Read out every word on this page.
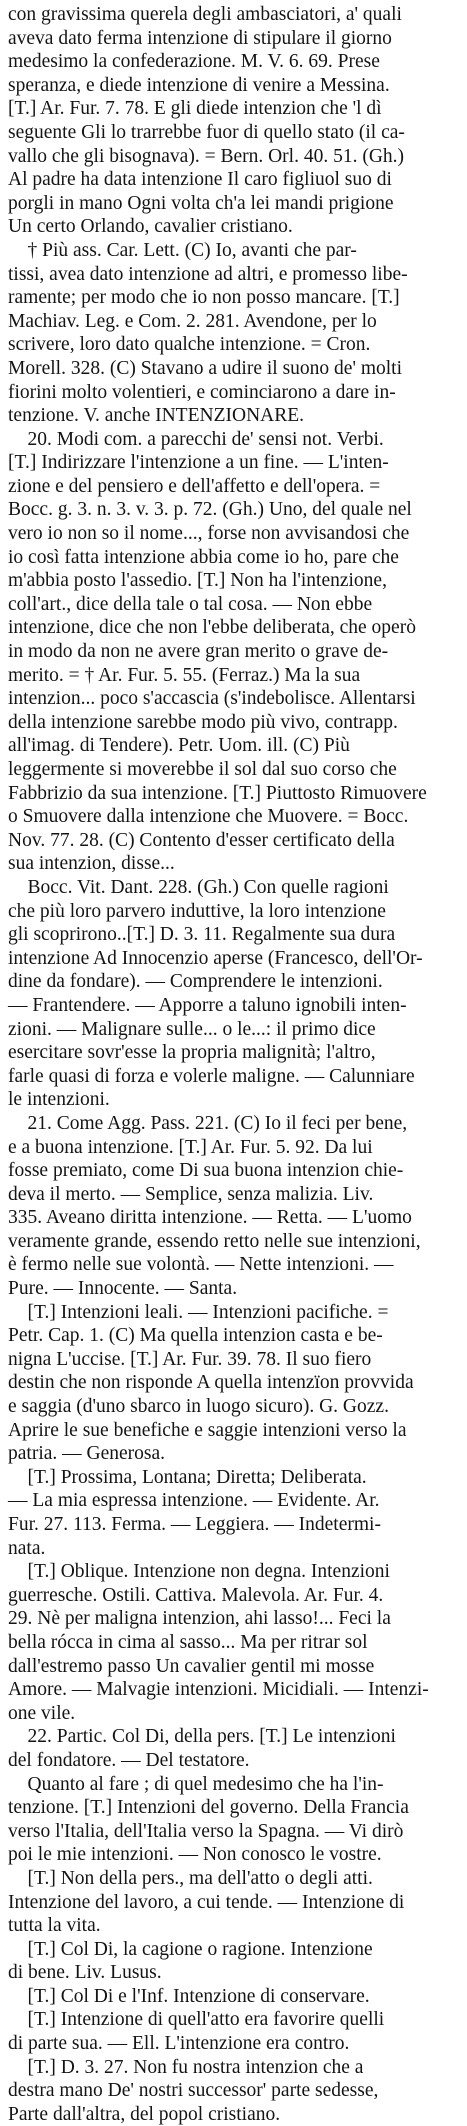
con gravissima querela degli ambasciatori, a' quali
aveva dato ferma intenzione di stipulare il giorno
medesimo la confederazione. M. V. 6. 69. Prese
speranza, e diede intenzione di venire a Messina.
[T.] Ar. Fur. 7. 78. E gli diede intenzion che 'l dì
seguente Gli lo trarrebbe fuor di quello stato (il ca-
vallo che gli bisognava). = Bern. Orl. 40. 51. (Gh.)
Al padre ha data intenzione Il caro figliuol suo di
porgli in mano Ogni volta ch'a lei mandi prigione
Un certo Orlando, cavalier cristiano.
† Più ass. Car. Lett. (C) Io, avanti che par-
tissi, avea dato intenzione ad altri, e promesso libe-
ramente; per modo che io non posso mancare. [T.]
Machiav. Leg. e Com. 2. 281. Avendone, per lo
scrivere, loro dato qualche intenzione. = Cron.
Morell. 328. (C) Stavano a udire il suono de' molti
fiorini molto volentieri, e cominciarono a dare in-
tenzione. V. anche INTENZIONARE.
20. Modi com. a parecchi de' sensi not. Verbi.
[T.] Indirizzare l'intenzione a un fine. — L'inten-
zione e del pensiero e dell'affetto e dell'opera. =
Bocc. g. 3. n. 3. v. 3. p. 72. (Gh.) Uno, del quale nel
vero io non so il nome..., forse non avvisandosi che
io così fatta intenzione abbia come io ho, pare che
m'abbia posto l'assedio. [T.] Non ha l'intenzione,
coll'art., dice della tale o tal cosa. — Non ebbe
intenzione, dice che non l'ebbe deliberata, che operò
in modo da non ne avere gran merito o grave de-
merito. = † Ar. Fur. 5. 55. (Ferraz.) Ma la sua
intenzion... poco s'accascia (s'indebolisce. Allentarsi
della intenzione sarebbe modo più vivo, contrapp.
all'imag. di Tendere). Petr. Uom. ill. (C) Più
leggermente si moverebbe il sol dal suo corso che
Fabbrizio da sua intenzione. [T.] Piuttosto Rimuovere
o Smuovere dalla intenzione che Muovere. = Bocc.
Nov. 77. 28. (C) Contento d'esser certificato della
sua intenzion, disse...
Bocc. Vit. Dant. 228. (Gh.) Con quelle ragioni
che più loro parvero induttive, la loro intenzione
gli scoprirono..[T.] D. 3. 11. Regalmente sua dura
intenzione Ad Innocenzio aperse (Francesco, dell'Or-
dine da fondare). — Comprendere le intenzioni.
— Frantendere. — Apporre a taluno ignobili inten-
zioni. — Malignare sulle... o le...: il primo dice
esercitare sovr'esse la propria malignità; l'altro,
farle quasi di forza e volerle maligne. — Calunniare
le intenzioni.
21. Come Agg. Pass. 221. (C) Io il feci per bene,
e a buona intenzione. [T.] Ar. Fur. 5. 92. Da lui
fosse premiato, come Di sua buona intenzion chie-
deva il merto. — Semplice, senza malizia. Liv.
335. Aveano diritta intenzione. — Retta. — L'uomo
veramente grande, essendo retto nelle sue intenzioni,
è fermo nelle sue volontà. — Nette intenzioni. —
Pure. — Innocente. — Santa.
[T.] Intenzioni leali. — Intenzioni pacifiche. =
Petr. Cap. 1. (C) Ma quella intenzion casta e be-
nigna L'uccise. [T.] Ar. Fur. 39. 78. Il suo fiero
destin che non risponde A quella intenzïon provvida
e saggia (d'uno sbarco in luogo sicuro). G. Gozz.
Aprire le sue benefiche e saggie intenzioni verso la
patria. — Generosa.
[T.] Prossima, Lontana; Diretta; Deliberata.
— La mia espressa intenzione. — Evidente. Ar.
Fur. 27. 113. Ferma. — Leggiera. — Indetermi-
nata.
[T.] Oblique. Intenzione non degna. Intenzioni
guerresche. Ostili. Cattiva. Malevola. Ar. Fur. 4.
29. Nè per maligna intenzion, ahi lasso!... Feci la
bella rócca in cima al sasso... Ma per ritrar sol
dall'estremo passo Un cavalier gentil mi mosse
Amore. — Malvagie intenzioni. Micidiali. — Intenzi-
one vile.
22. Partic. Col Di, della pers. [T.] Le intenzioni
del fondatore. — Del testatore.
Quanto al fare ; di quel medesimo che ha l'in-
tenzione. [T.] Intenzioni del governo. Della Francia
verso l'Italia, dell'Italia verso la Spagna. — Vi dirò
poi le mie intenzioni. — Non conosco le vostre.
[T.] Non della pers., ma dell'atto o degli atti.
Intenzione del lavoro, a cui tende. — Intenzione di
tutta la vita.
[T.] Col Di, la cagione o ragione. Intenzione
di bene. Liv. Lusus.
[T.] Col Di e l'Inf. Intenzione di conservare.
[T.] Intenzione di quell'atto era favorire quelli
di parte sua. — Ell. L'intenzione era contro.
[T.] D. 3. 27. Non fu nostra intenzion che a
destra mano De' nostri successor' parte sedesse,
Parte dall'altra, del popol cristiano.
